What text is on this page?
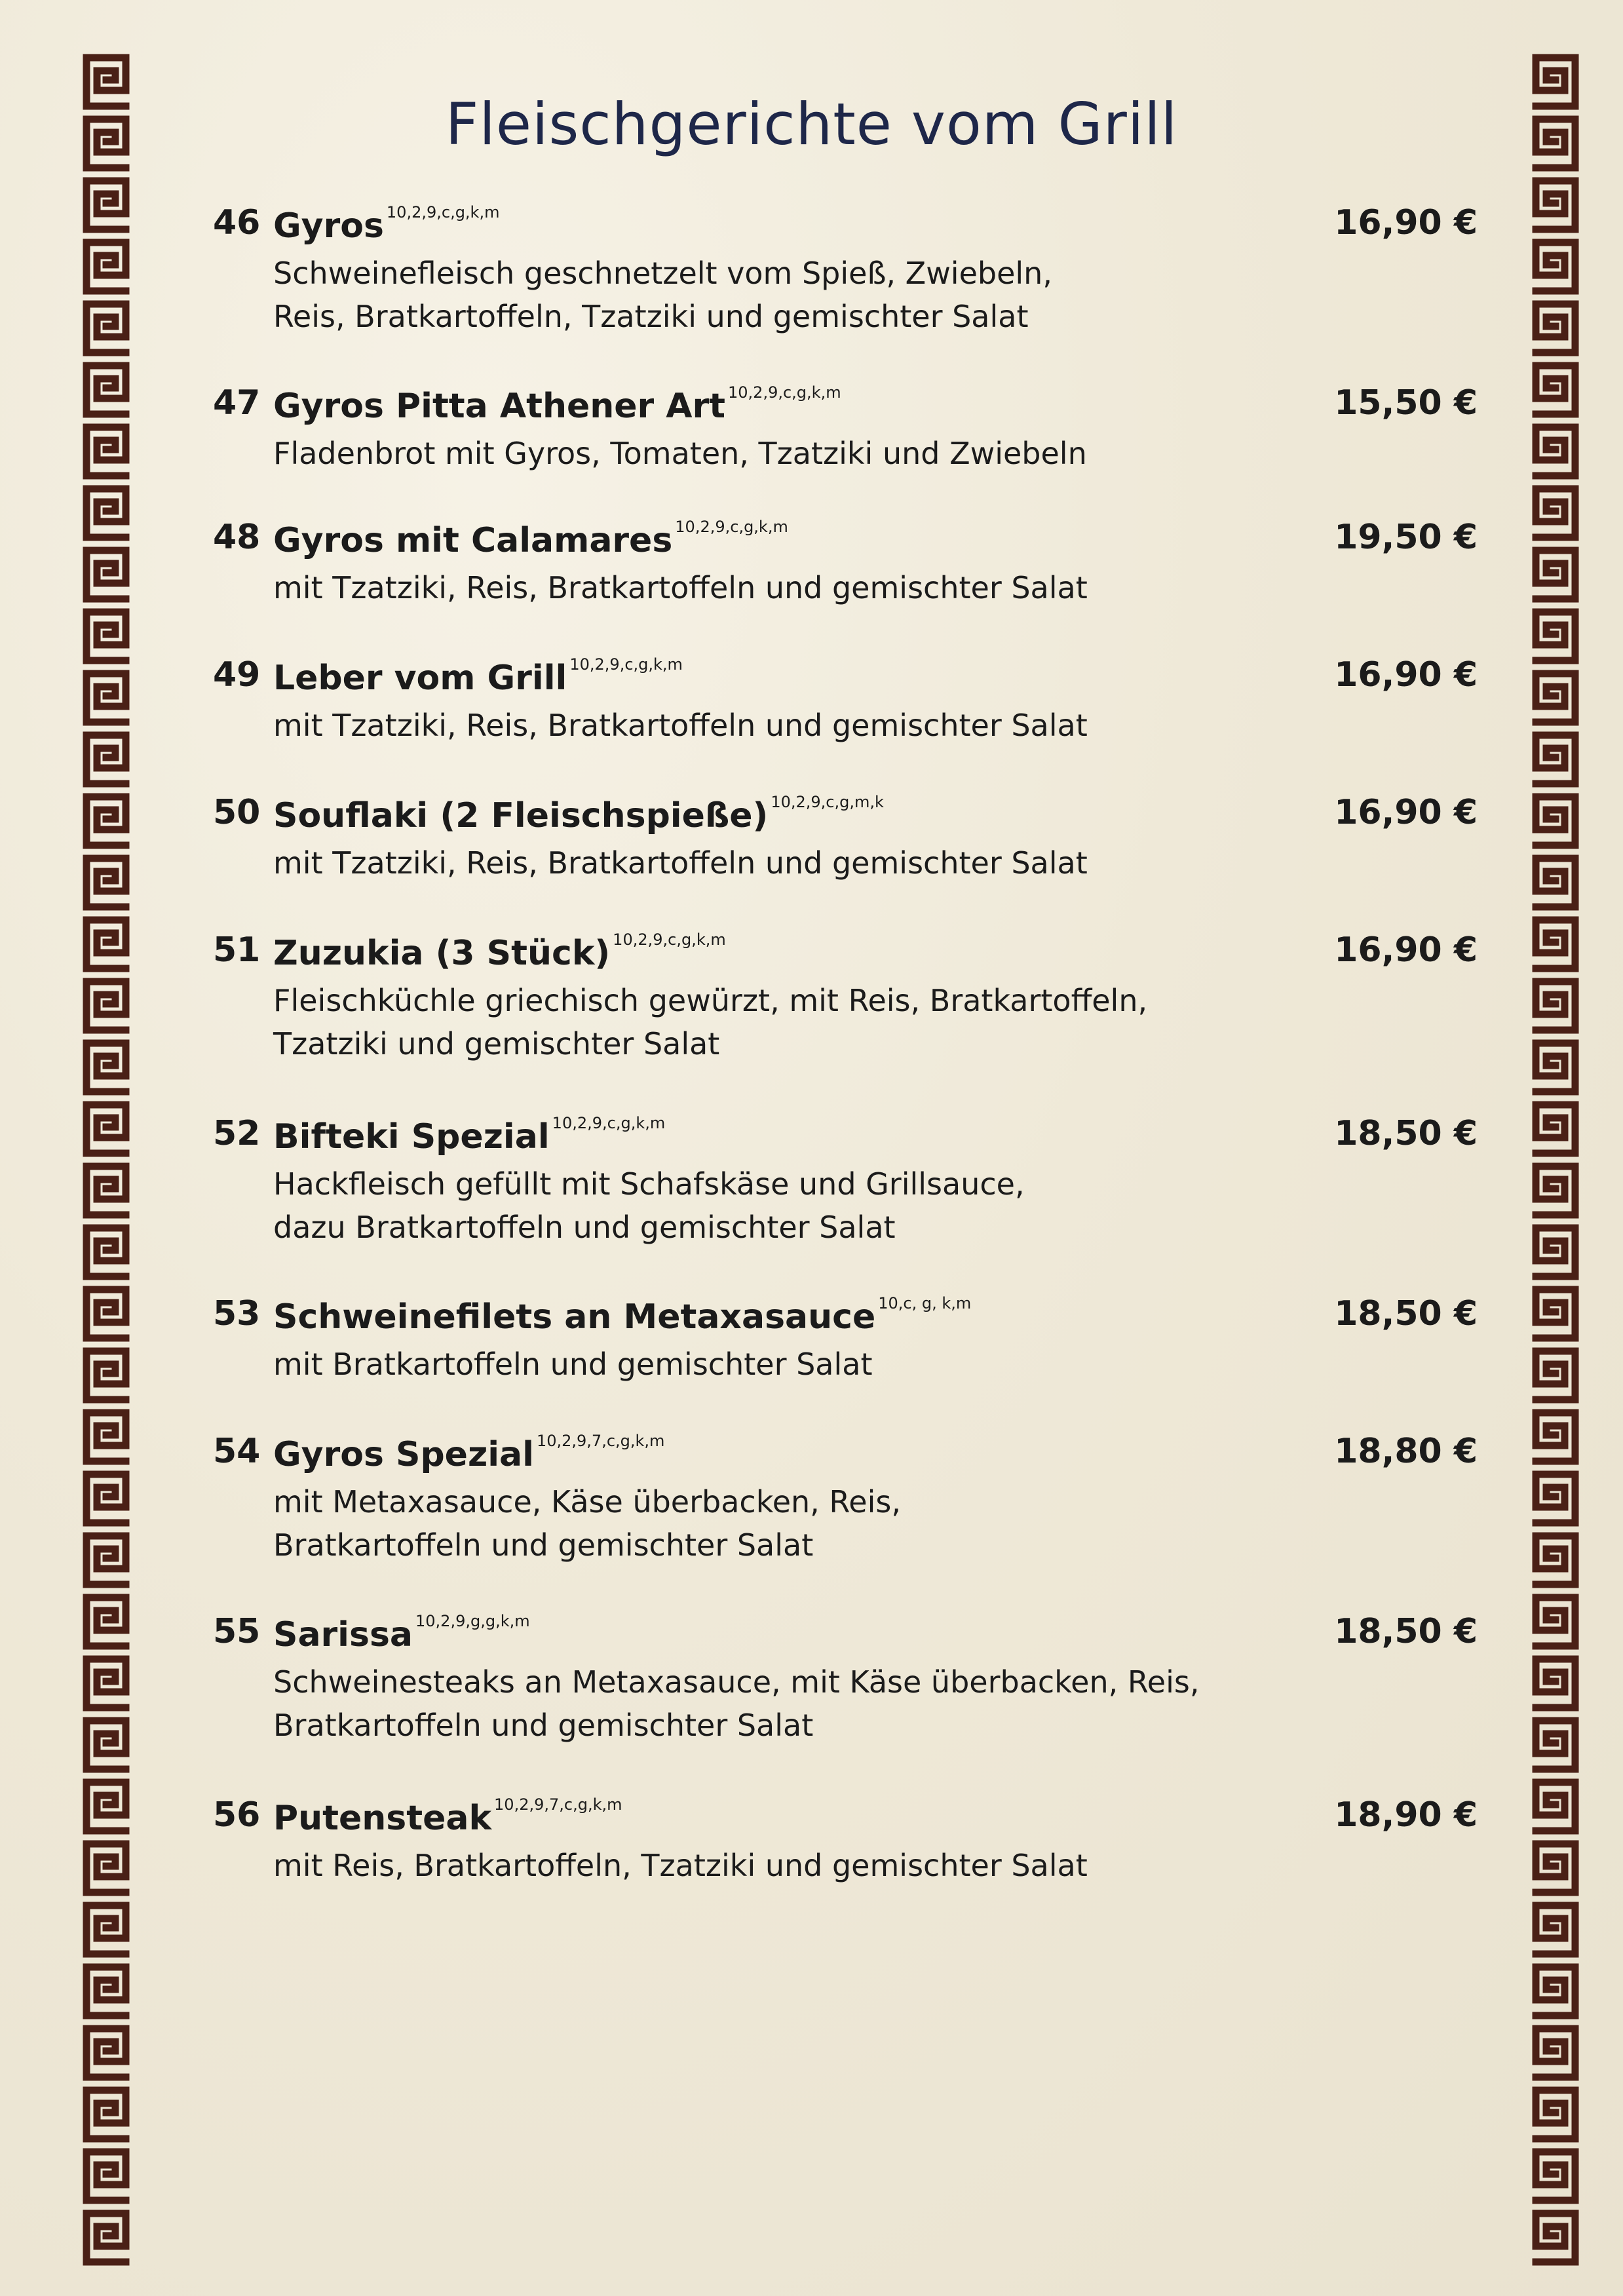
Fleischgerichte vom Grill
46 Gyros $^{10,2,9,c,g,k,m}$	16,90 €
Schweinefleisch geschnetzelt vom Spieß, Zwiebeln,
Reis, Bratkartoffeln, Tzatziki und gemischter Salat
47 Gyros Pitta Athener Art $^{10,2,9,c,g,k,m}$	15,50 €
Fladenbrot mit Gyros, Tomaten, Tzatziki und Zwiebeln
48 Gyros mit Calamares $^{10,2,9,c,g,k,m}$	19,50 €
mit Tzatziki, Reis, Bratkartoffeln und gemischter Salat
49 Leber vom Grill $^{10,2,9,c,g,k,m}$	16,90 €
mit Tzatziki, Reis, Bratkartoffeln und gemischter Salat
50 Souflaki (2 Fleischspieße) $^{10,2,9,c,g,m,k}$	16,90 €
mit Tzatziki, Reis, Bratkartoffeln und gemischter Salat
51 Zuzukia (3 Stück) $^{10,2,9,c,g,k,m}$	16,90 €
Fleischküchle griechisch gewürzt, mit Reis, Bratkartoffeln,
Tzatziki und gemischter Salat
52 Bifteki Spezial $^{10,2,9,c,g,k,m}$	18,50 €
Hackfleisch gefüllt mit Schafskäse und Grillsauce,
dazu Bratkartoffeln und gemischter Salat
53 Schweinefilets an Metaxasauce $^{10,c, g, k,m}$	18,50 €
mit Bratkartoffeln und gemischter Salat
54 Gyros Spezial $^{10,2,9,7,c,g,k,m}$	18,80 €
mit Metaxasauce, Käse überbacken, Reis,
Bratkartoffeln und gemischter Salat
55 Sarissa $^{10,2,9,g,g,k,m}$	18,50 €
Schweinesteaks an Metaxasauce, mit Käse überbacken, Reis,
Bratkartoffeln und gemischter Salat
56 Putensteak $^{10,2,9,7,c,g,k,m}$	18,90 €
mit Reis, Bratkartoffeln, Tzatziki und gemischter Salat
